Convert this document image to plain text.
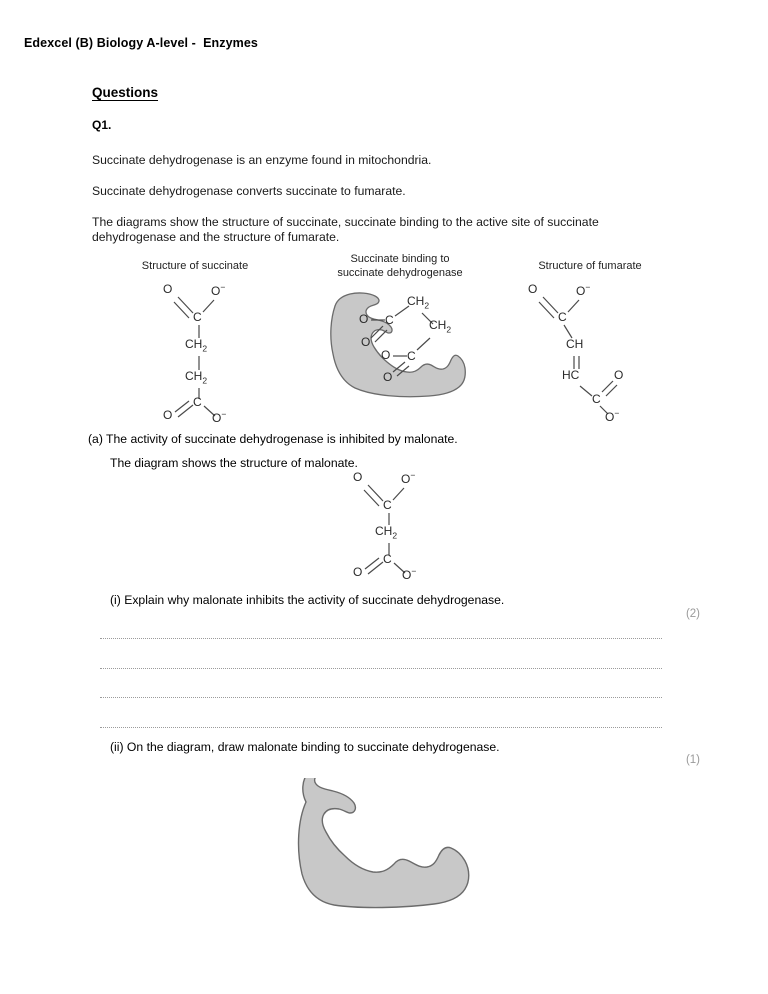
Edexcel (B) Biology A-level -  Enzymes
Questions
Q1.
Succinate dehydrogenase is an enzyme found in mitochondria.
Succinate dehydrogenase converts succinate to fumarate.
The diagrams show the structure of succinate, succinate binding to the active site of succinate dehydrogenase and the structure of fumarate.
Structure of succinate
Succinate binding to
succinate dehydrogenase
Structure of fumarate
O	O−
C
$CH_2$
$CH_2$
C
O	O−
O C
O
$CH_2$
$CH_2$
O C
O
O	O−
C
CH
HC
C
O
O−
(a) The activity of succinate dehydrogenase is inhibited by malonate.
The diagram shows the structure of malonate.
O	O−
C
$CH_2$
C
O	O−
(i) Explain why malonate inhibits the activity of succinate dehydrogenase.
(2)
(ii) On the diagram, draw malonate binding to succinate dehydrogenase.
(1)
